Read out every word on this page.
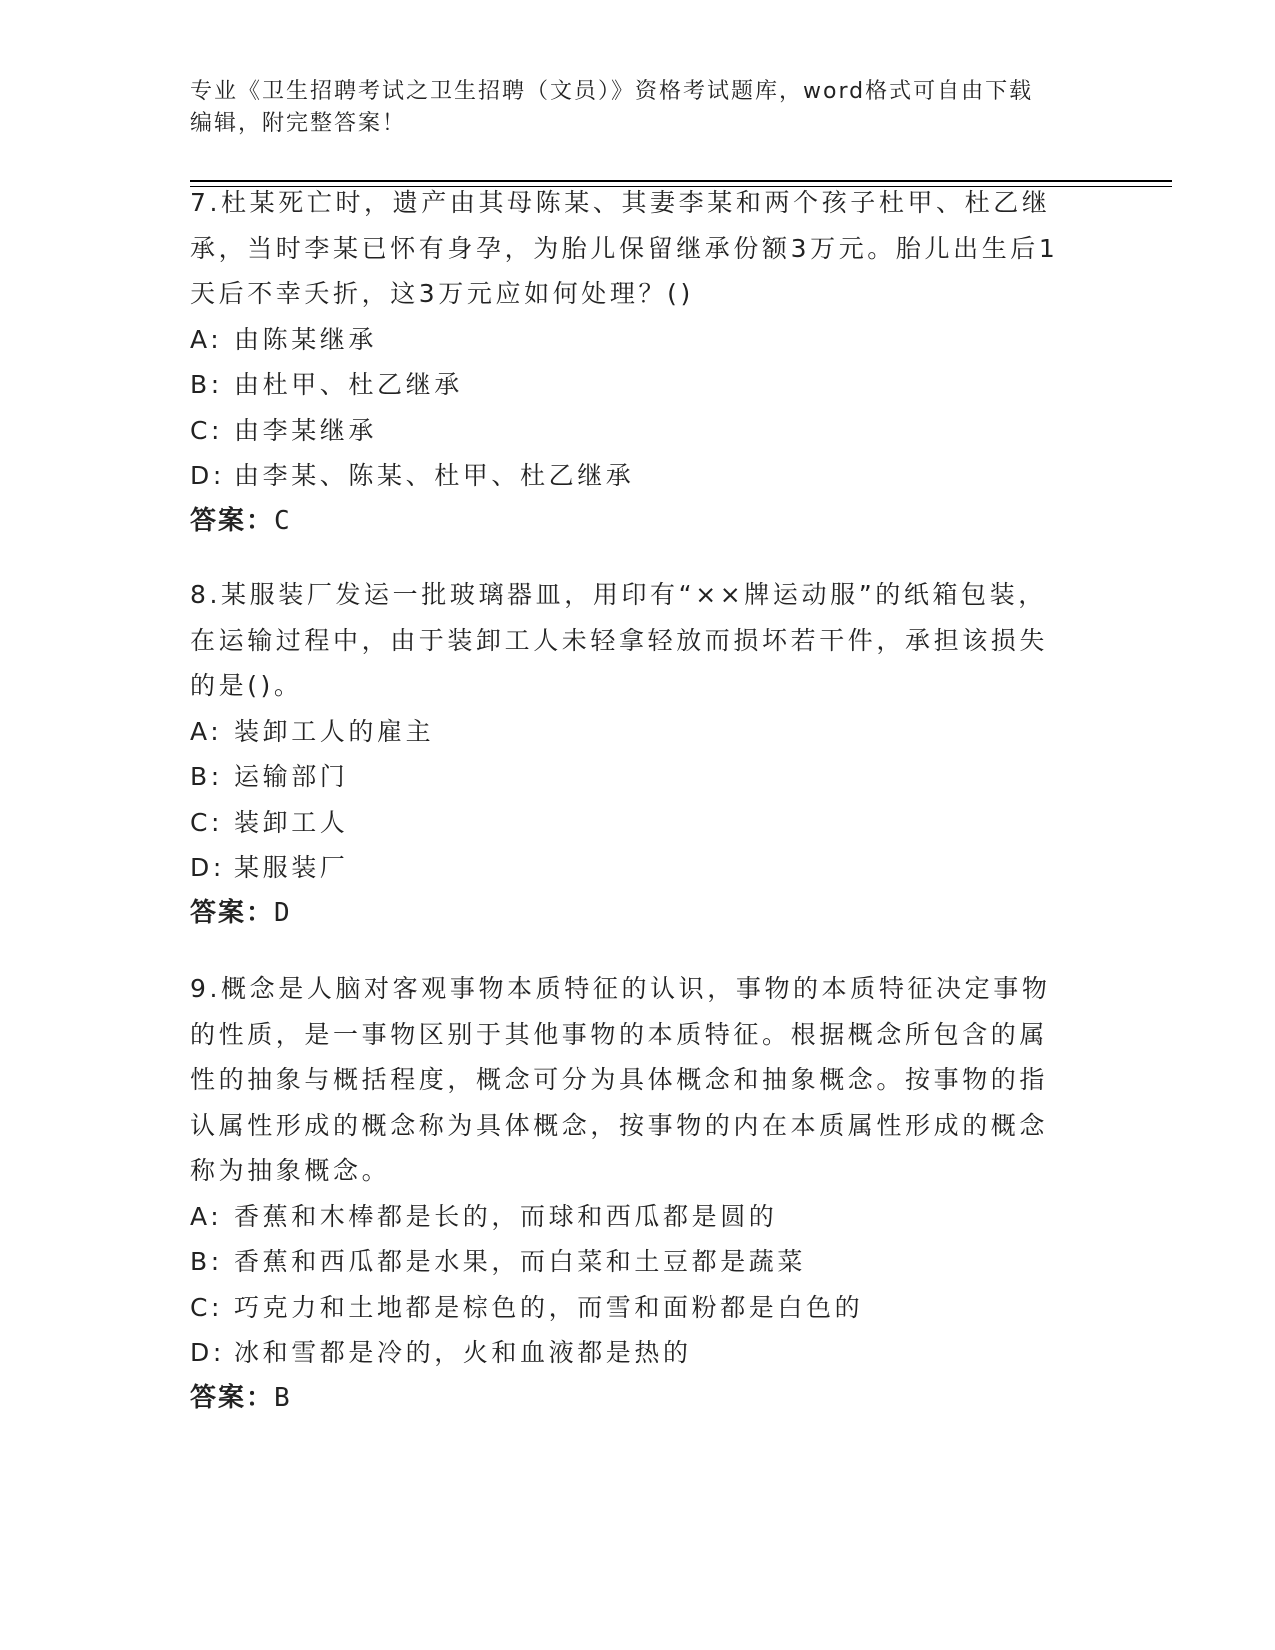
专业《卫生招聘考试之卫生招聘（文员）》资格考试题库，word格式可自由下载
编辑，附完整答案！

7.杜某死亡时，遗产由其母陈某、其妻李某和两个孩子杜甲、杜乙继承，当时李某已怀有身孕，为胎儿保留继承份额3万元。胎儿出生后1天后不幸夭折，这3万元应如何处理？()

A: 由陈某继承
B: 由杜甲、杜乙继承
C: 由李某继承
D: 由李某、陈某、杜甲、杜乙继承
答案：C

8.某服装厂发运一批玻璃器皿，用印有“××牌运动服”的纸箱包装，在运输过程中，由于装卸工人未轻拿轻放而损坏若干件，承担该损失的是()。

A: 装卸工人的雇主
B: 运输部门
C: 装卸工人
D: 某服装厂
答案：D

9.概念是人脑对客观事物本质特征的认识，事物的本质特征决定事物的性质，是一事物区别于其他事物的本质特征。根据概念所包含的属性的抽象与概括程度，概念可分为具体概念和抽象概念。按事物的指认属性形成的概念称为具体概念，按事物的内在本质属性形成的概念称为抽象概念。

A: 香蕉和木棒都是长的，而球和西瓜都是圆的
B: 香蕉和西瓜都是水果，而白菜和土豆都是蔬菜
C: 巧克力和土地都是棕色的，而雪和面粉都是白色的
D: 冰和雪都是冷的，火和血液都是热的
答案：B
